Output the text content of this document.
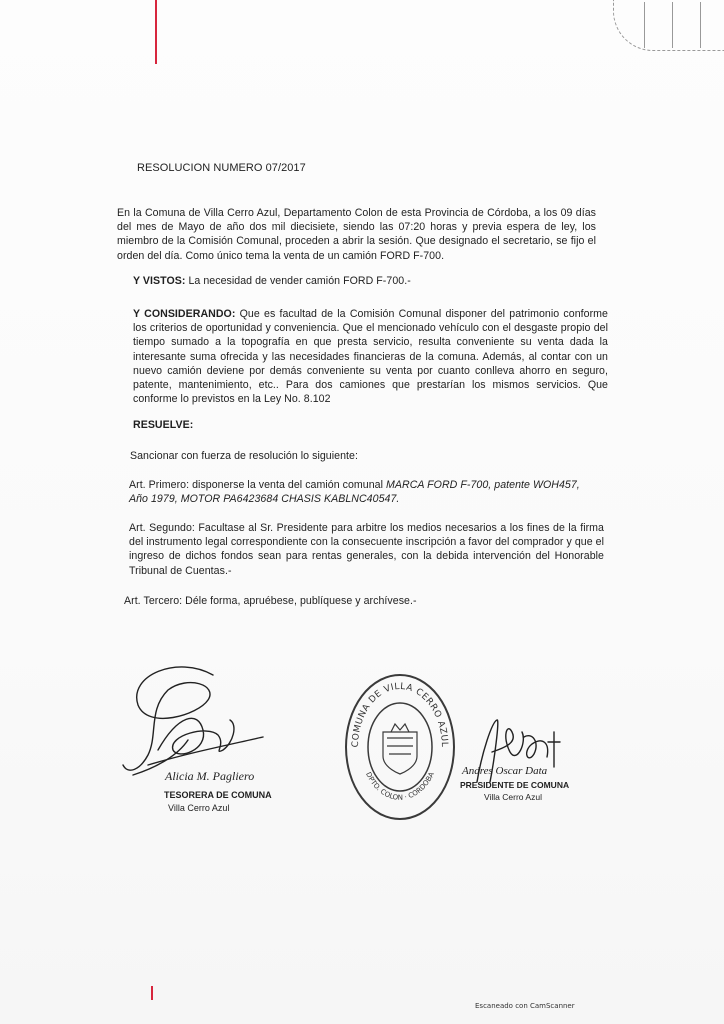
RESOLUCION NUMERO 07/2017
En la Comuna de Villa Cerro Azul, Departamento Colon de esta Provincia de Córdoba, a los 09 días del mes de Mayo de año dos mil diecisiete, siendo las 07:20 horas y previa espera de ley, los miembro de la Comisión Comunal, proceden a abrir la sesión. Que designado el secretario, se fijo el orden del día. Como único tema la venta de un camión FORD F-700.
Y VISTOS: La necesidad de vender camión FORD F-700.-
Y CONSIDERANDO: Que es facultad de la Comisión Comunal disponer del patrimonio conforme los criterios de oportunidad y conveniencia. Que el mencionado vehículo con el desgaste propio del tiempo sumado a la topografía en que presta servicio, resulta conveniente su venta dada la interesante suma ofrecida y las necesidades financieras de la comuna. Además, al contar con un nuevo camión deviene por demás conveniente su venta por cuanto conlleva ahorro en seguro, patente, mantenimiento, etc.. Para dos camiones que prestarían los mismos servicios. Que conforme lo previstos en la Ley No. 8.102
RESUELVE:
Sancionar con fuerza de resolución lo siguiente:
Art. Primero: disponerse la venta del camión comunal MARCA FORD F-700, patente WOH457, Año 1979, MOTOR PA6423684 CHASIS KABLNC40547.
Art. Segundo: Facultase al Sr. Presidente para arbitre los medios necesarios a los fines de la firma del instrumento legal correspondiente con la consecuente inscripción a favor del comprador y que el ingreso de dichos fondos sean para rentas generales, con la debida intervención del Honorable Tribunal de Cuentas.-
Art. Tercero: Déle forma, apruébese, publíquese y archívese.-
Alicia M. Pagliero
TESORERA DE COMUNA
Villa Cerro Azul
COMUNA DE VILLA CERRO AZUL
DPTO. COLON · CORDOBA Andres Oscar Data
PRESIDENTE DE COMUNA
Villa Cerro Azul
Escaneado con CamScanner
